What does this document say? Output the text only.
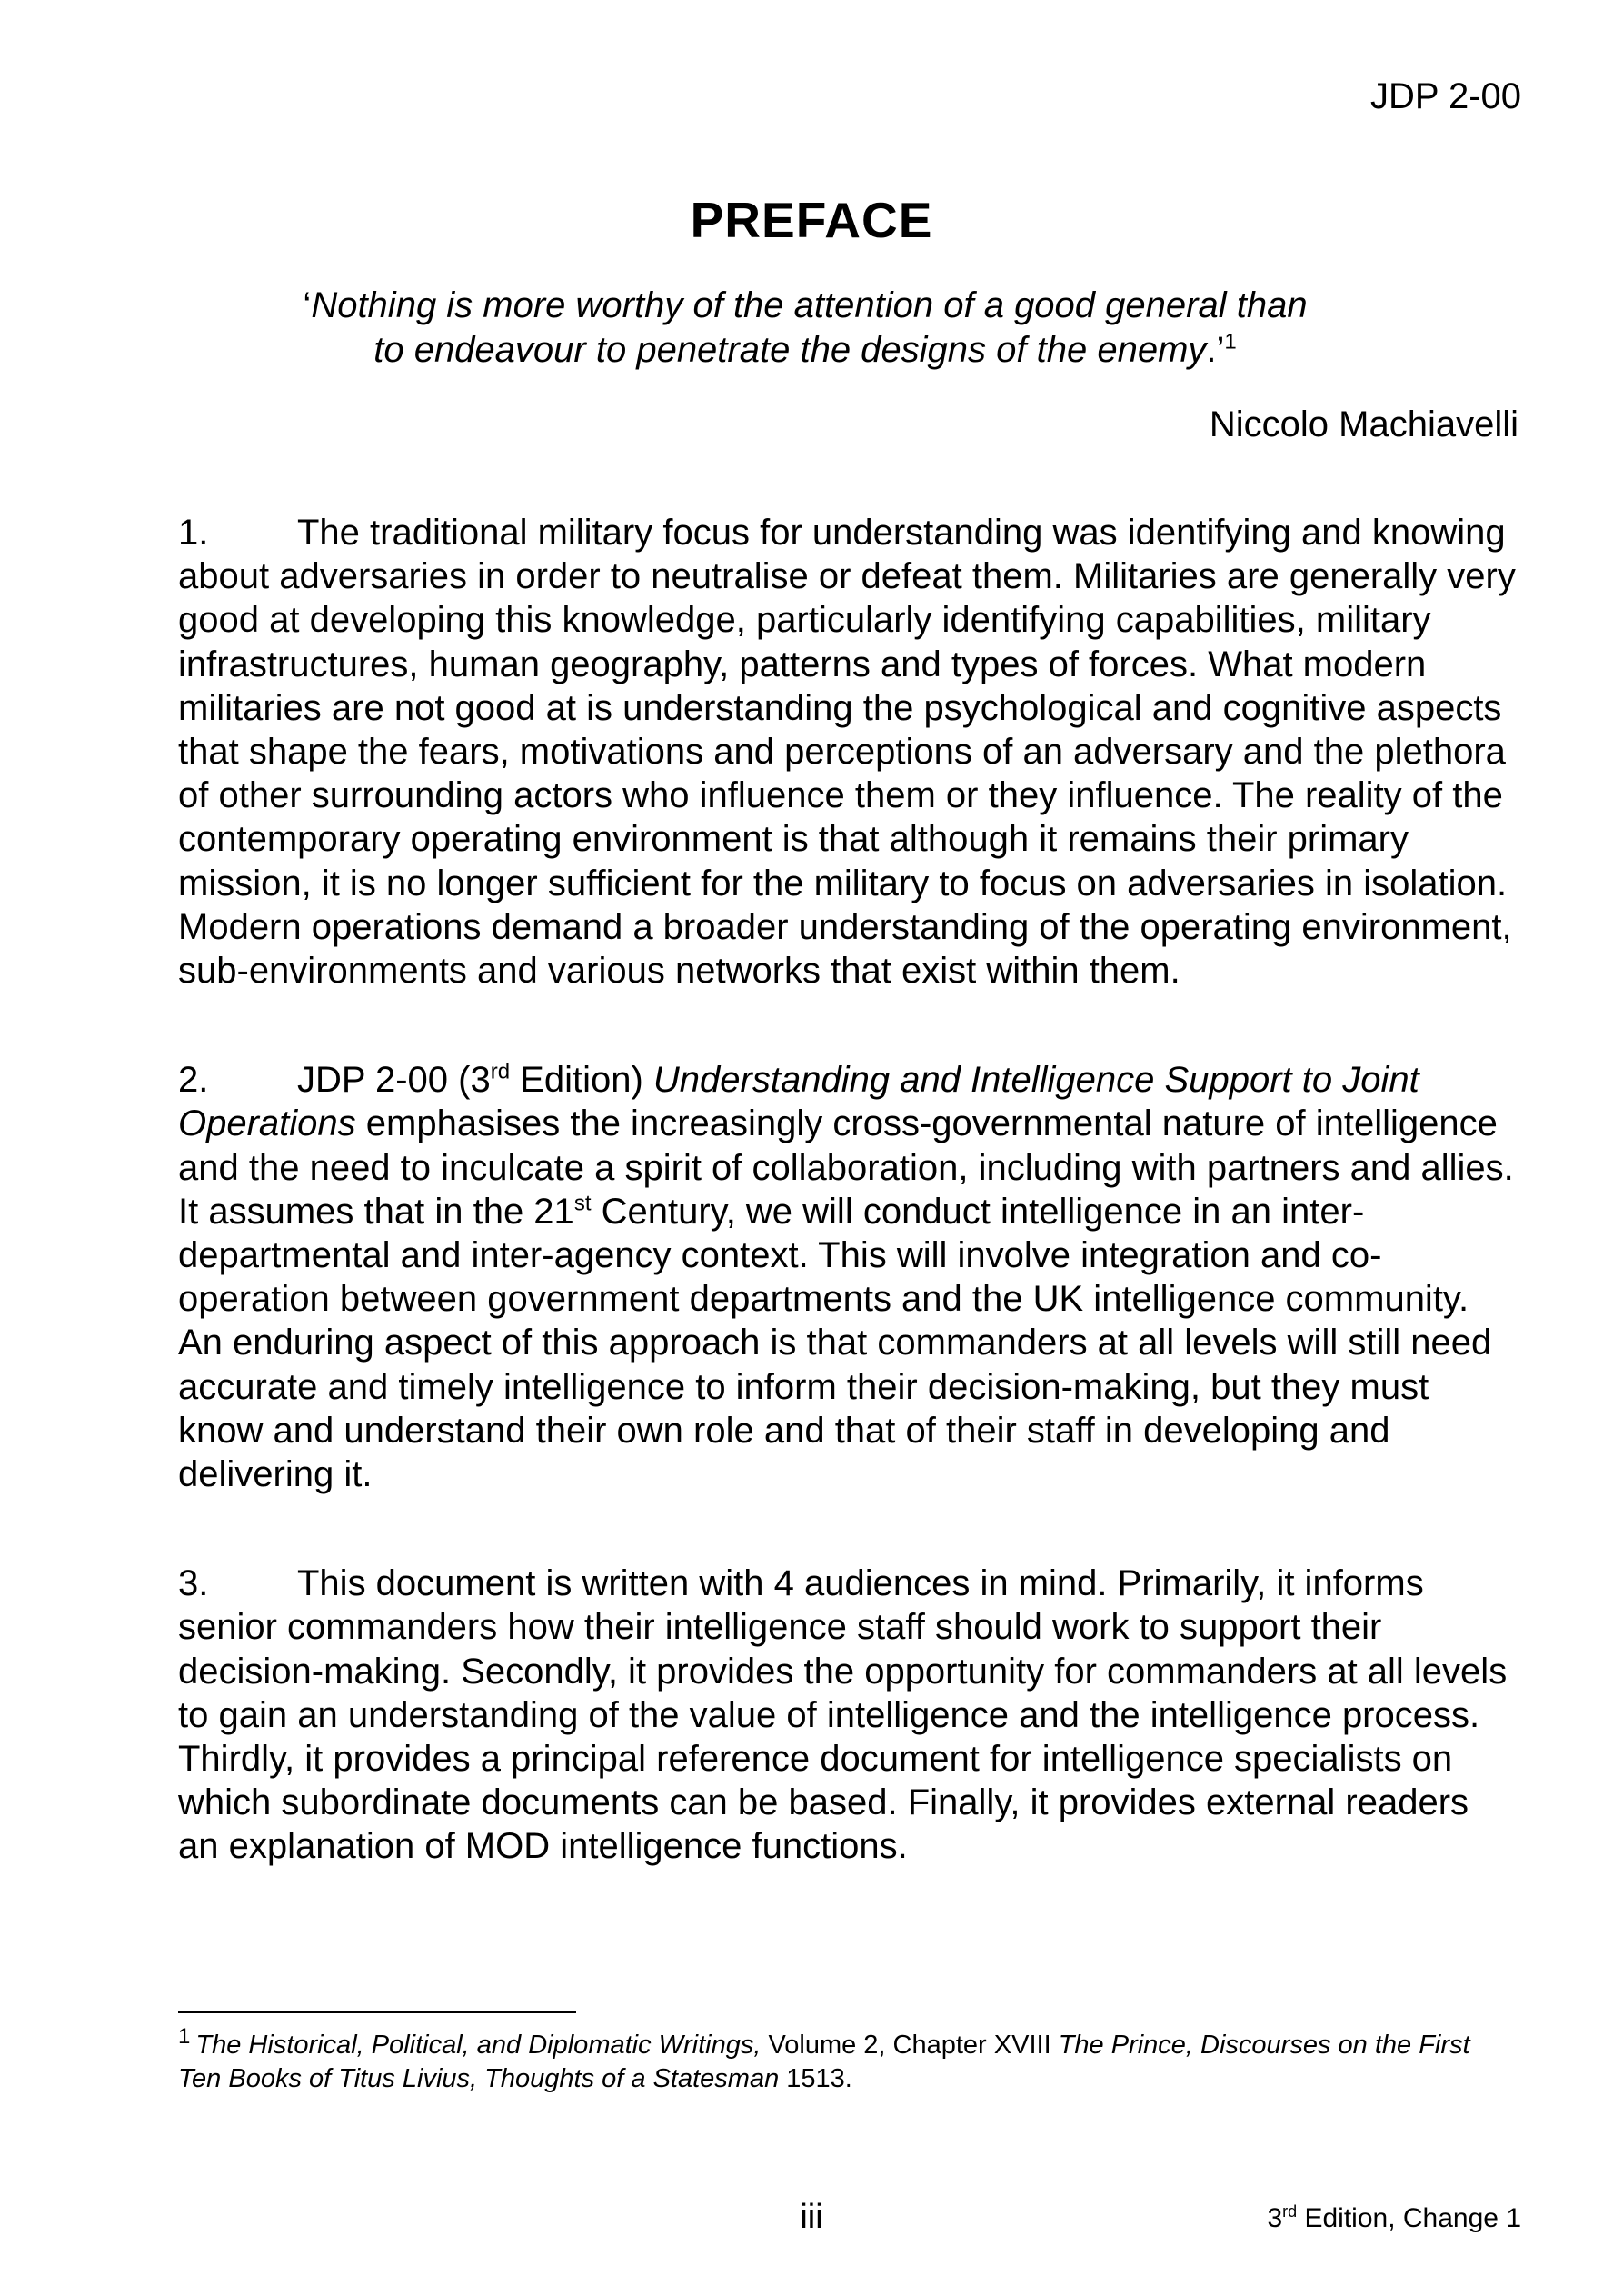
JDP 2-00
PREFACE
‘Nothing is more worthy of the attention of a good general than
to endeavour to penetrate the designs of the enemy.’$^1$
Niccolo Machiavelli

1. The traditional military focus for understanding was identifying and knowing about adversaries in order to neutralise or defeat them. Militaries are generally very good at developing this knowledge, particularly identifying capabilities, military infrastructures, human geography, patterns and types of forces. What modern militaries are not good at is understanding the psychological and cognitive aspects that shape the fears, motivations and perceptions of an adversary and the plethora of other surrounding actors who influence them or they influence. The reality of the contemporary operating environment is that although it remains their primary mission, it is no longer sufficient for the military to focus on adversaries in isolation. Modern operations demand a broader understanding of the operating environment, sub-environments and various networks that exist within them.

2. JDP 2-00 (3rd Edition) Understanding and Intelligence Support to Joint Operations emphasises the increasingly cross-governmental nature of intelligence and the need to inculcate a spirit of collaboration, including with partners and allies. It assumes that in the 21st Century, we will conduct intelligence in an inter-departmental and inter-agency context. This will involve integration and co-operation between government departments and the UK intelligence community. An enduring aspect of this approach is that commanders at all levels will still need accurate and timely intelligence to inform their decision-making, but they must know and understand their own role and that of their staff in developing and delivering it.

3. This document is written with 4 audiences in mind. Primarily, it informs senior commanders how their intelligence staff should work to support their decision-making. Secondly, it provides the opportunity for commanders at all levels to gain an understanding of the value of intelligence and the intelligence process. Thirdly, it provides a principal reference document for intelligence specialists on which subordinate documents can be based. Finally, it provides external readers an explanation of MOD intelligence functions.

$^1$ The Historical, Political, and Diplomatic Writings, Volume 2, Chapter XVIII The Prince, Discourses on the First Ten Books of Titus Livius, Thoughts of a Statesman 1513.
iii	3rd Edition, Change 1
